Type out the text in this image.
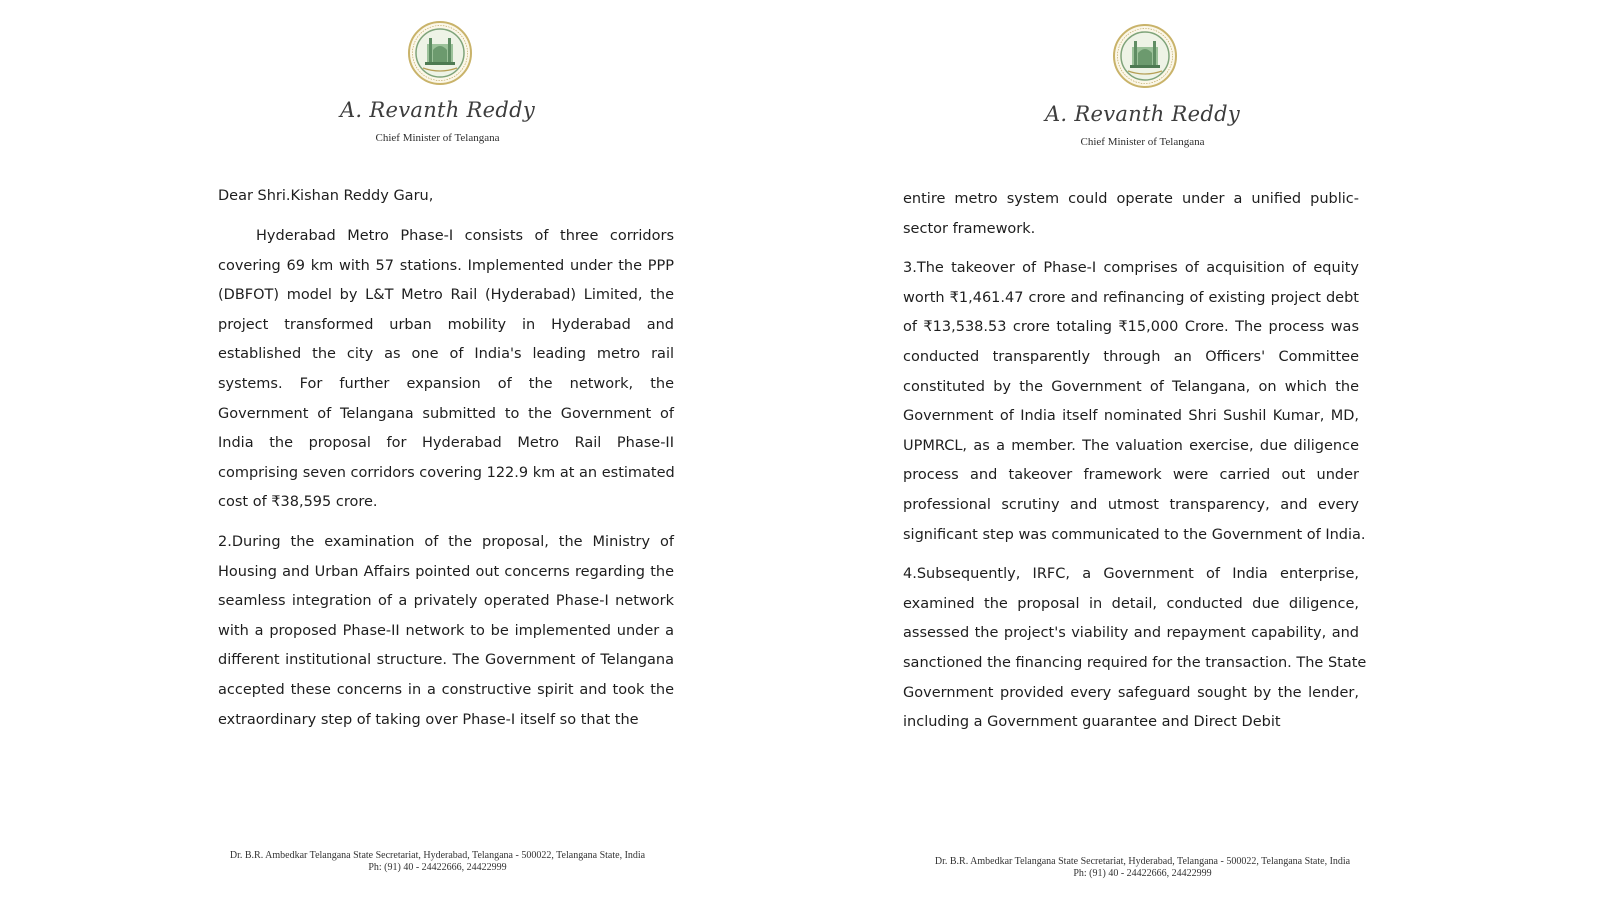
A. Revanth Reddy
Chief Minister of Telangana
Dear Shri.Kishan Reddy Garu,
Hyderabad Metro Phase-I consists of three corridors
covering 69 km with 57 stations. Implemented under the PPP
(DBFOT) model by L&T Metro Rail (Hyderabad) Limited, the
project transformed urban mobility in Hyderabad and
established the city as one of India's leading metro rail
systems. For further expansion of the network, the
Government of Telangana submitted to the Government of
India the proposal for Hyderabad Metro Rail Phase-II
comprising seven corridors covering 122.9 km at an estimated
cost of ₹38,595 crore.
2.During the examination of the proposal, the Ministry of
Housing and Urban Affairs pointed out concerns regarding the
seamless integration of a privately operated Phase-I network
with a proposed Phase-II network to be implemented under a
different institutional structure. The Government of Telangana
accepted these concerns in a constructive spirit and took the
extraordinary step of taking over Phase-I itself so that the
Dr. B.R. Ambedkar Telangana State Secretariat, Hyderabad, Telangana - 500022, Telangana State, India
Ph: (91) 40 - 24422666, 24422999
A. Revanth Reddy
Chief Minister of Telangana
entire metro system could operate under a unified public-
sector framework.
3.The takeover of Phase-I comprises of acquisition of equity
worth ₹1,461.47 crore and refinancing of existing project debt
of ₹13,538.53 crore totaling ₹15,000 Crore. The process was
conducted transparently through an Officers' Committee
constituted by the Government of Telangana, on which the
Government of India itself nominated Shri Sushil Kumar, MD,
UPMRCL, as a member. The valuation exercise, due diligence
process and takeover framework were carried out under
professional scrutiny and utmost transparency, and every
significant step was communicated to the Government of India.
4.Subsequently, IRFC, a Government of India enterprise,
examined the proposal in detail, conducted due diligence,
assessed the project's viability and repayment capability, and
sanctioned the financing required for the transaction. The State
Government provided every safeguard sought by the lender,
including a Government guarantee and Direct Debit
Dr. B.R. Ambedkar Telangana State Secretariat, Hyderabad, Telangana - 500022, Telangana State, India
Ph: (91) 40 - 24422666, 24422999
